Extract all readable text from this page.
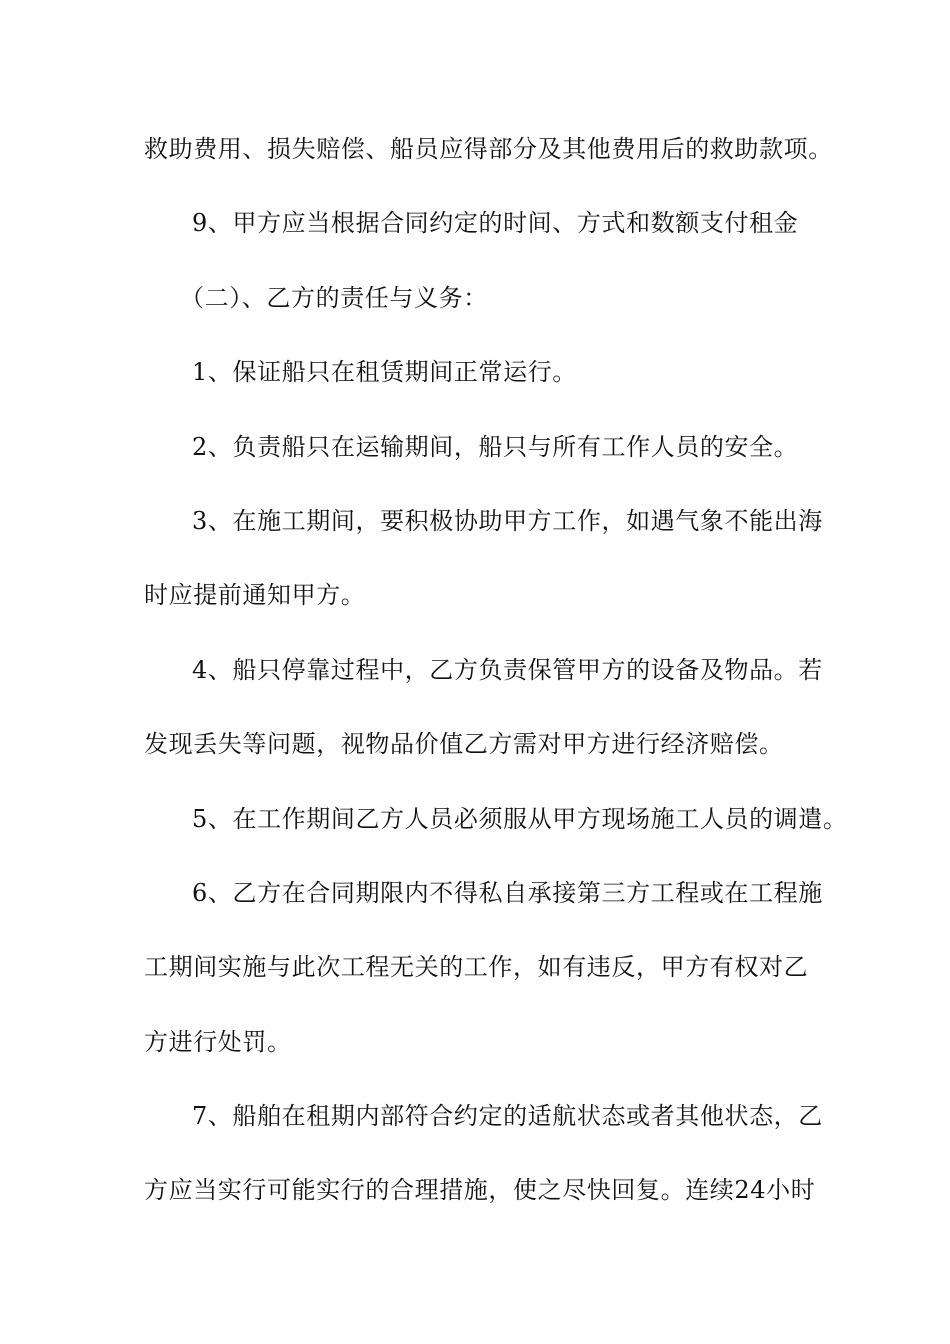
救助费用、损失赔偿、船员应得部分及其他费用后的救助款项。
9、甲方应当根据合同约定的时间、方式和数额支付租金
（二）、乙方的责任与义务：
1、保证船只在租赁期间正常运行。
2、负责船只在运输期间，船只与所有工作人员的安全。
3、在施工期间，要积极协助甲方工作，如遇气象不能出海
时应提前通知甲方。
4、船只停靠过程中，乙方负责保管甲方的设备及物品。若
发现丢失等问题，视物品价值乙方需对甲方进行经济赔偿。
5、在工作期间乙方人员必须服从甲方现场施工人员的调遣。
6、乙方在合同期限内不得私自承接第三方工程或在工程施
工期间实施与此次工程无关的工作，如有违反，甲方有权对乙
方进行处罚。
7、船舶在租期内部符合约定的适航状态或者其他状态，乙
方应当实行可能实行的合理措施，使之尽快回复。连续24小时
